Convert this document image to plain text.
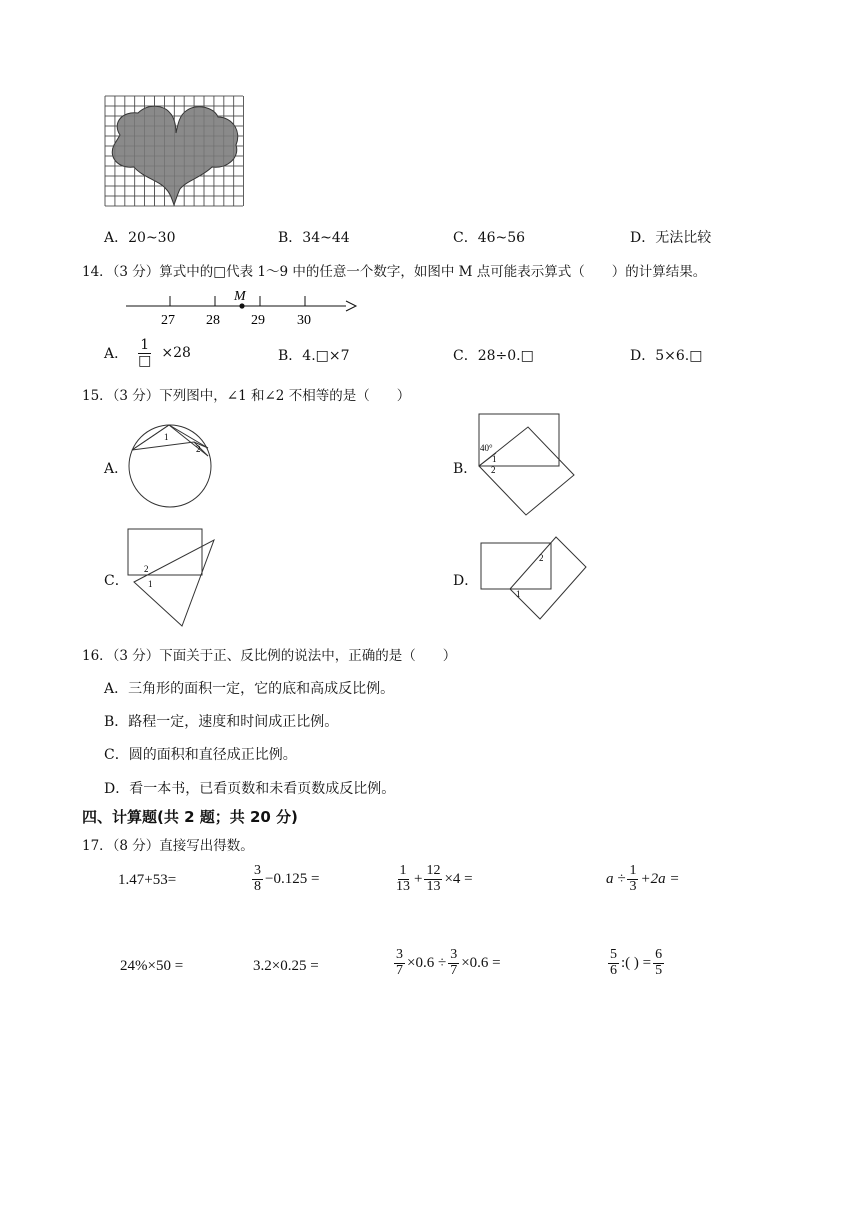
A．20~30	B．34~44	C．46~56	D．无法比较
14．（3 分）算式中的□代表 1～9 中的任意一个数字，如图中 M 点可能表示算式（　　）的计算结果。
M
27 28 29 30
A． $\frac{1}{□} \times 28$	B．4.□×7	C．28÷0.□	D．5×6.□
15．（3 分）下列图中，∠1 和∠2 不相等的是（　　）
A．
1
2
B．
40°
1
2
C．
2
1	D．
2
1
16．（3 分）下面关于正、反比例的说法中，正确的是（　　）
A．三角形的面积一定，它的底和高成反比例。
B．路程一定，速度和时间成正比例。
C．圆的面积和直径成正比例。
D．看一本书，已看页数和未看页数成反比例。
四、计算题(共 2 题；共 20 分)
17．（8 分）直接写出得数。
1.47+53=	$\frac{3}{8} -0.125$ =	$\frac{1}{13} + \frac{12}{13} \times 4$ =	$a \div \frac{1}{3} +2a$ =
24%×50 =	3.2×0.25 =	$\frac{3}{7} \times 0.6 \div \frac{3}{7} \times 0.6$ =	$\frac{5}{6}$ :( ) = $\frac{6}{5}$
